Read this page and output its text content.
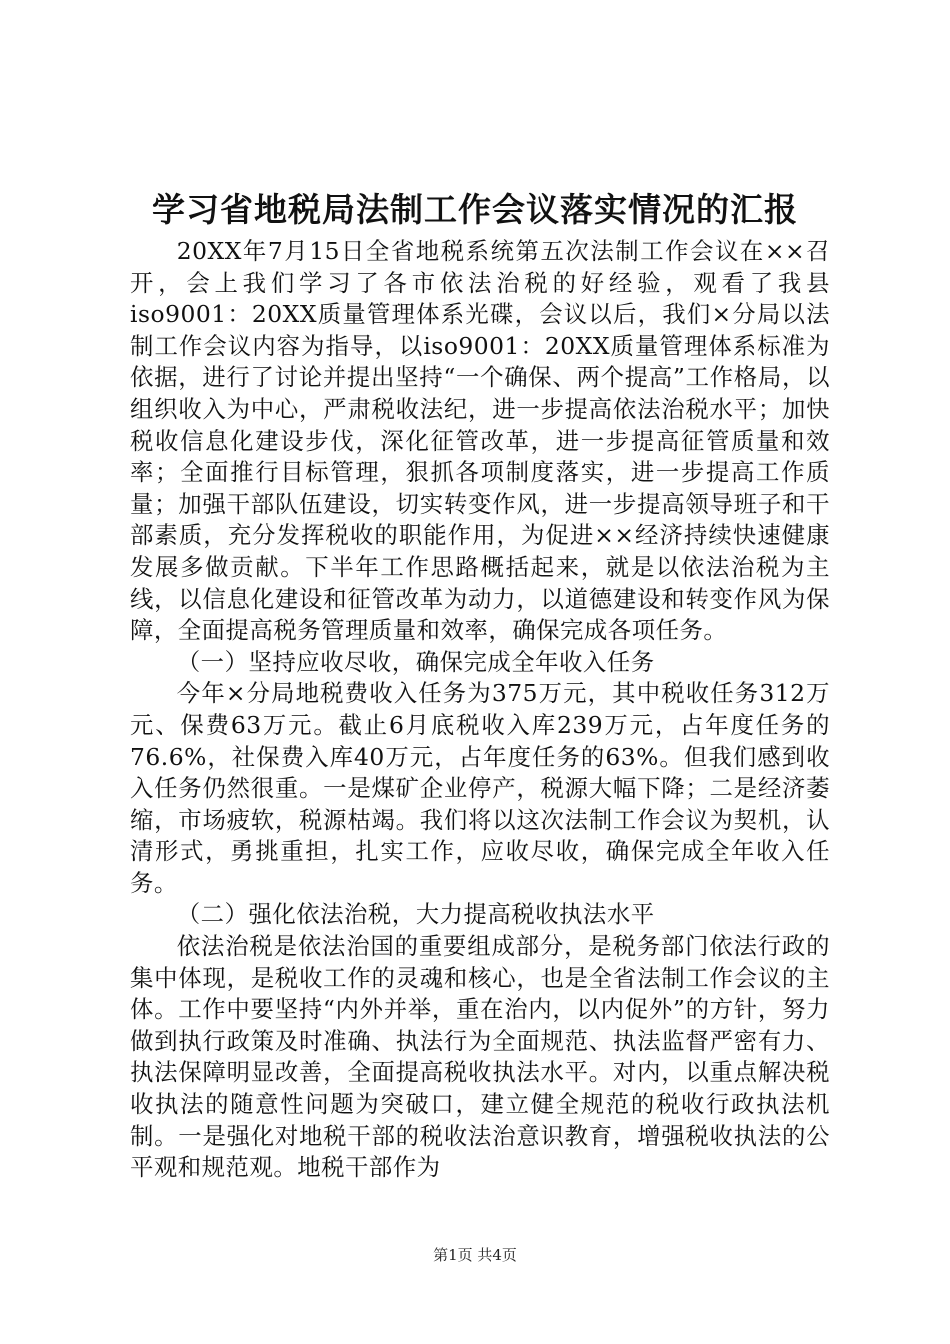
学习省地税局法制工作会议落实情况的汇报

20XX年7月15日全省地税系统第五次法制工作会议在××召开，会上我们学习了各市依法治税的好经验，观看了我县iso9001：20XX质量管理体系光碟，会议以后，我们×分局以法制工作会议内容为指导，以iso9001：20XX质量管理体系标准为依据，进行了讨论并提出坚持“一个确保、两个提高”工作格局，以组织收入为中心，严肃税收法纪，进一步提高依法治税水平；加快税收信息化建设步伐，深化征管改革，进一步提高征管质量和效率；全面推行目标管理，狠抓各项制度落实，进一步提高工作质量；加强干部队伍建设，切实转变作风，进一步提高领导班子和干部素质，充分发挥税收的职能作用，为促进××经济持续快速健康发展多做贡献。下半年工作思路概括起来，就是以依法治税为主线，以信息化建设和征管改革为动力，以道德建设和转变作风为保障，全面提高税务管理质量和效率，确保完成各项任务。

（一）坚持应收尽收，确保完成全年收入任务

今年×分局地税费收入任务为375万元，其中税收任务312万元、保费63万元。截止6月底税收入库239万元，占年度任务的76.6%，社保费入库40万元，占年度任务的63%。但我们感到收入任务仍然很重。一是煤矿企业停产，税源大幅下降；二是经济萎缩，市场疲软，税源枯竭。我们将以这次法制工作会议为契机，认清形式，勇挑重担，扎实工作，应收尽收，确保完成全年收入任务。

（二）强化依法治税，大力提高税收执法水平

依法治税是依法治国的重要组成部分，是税务部门依法行政的集中体现，是税收工作的灵魂和核心，也是全省法制工作会议的主体。工作中要坚持“内外并举，重在治内，以内促外”的方针，努力做到执行政策及时准确、执法行为全面规范、执法监督严密有力、执法保障明显改善，全面提高税收执法水平。对内，以重点解决税收执法的随意性问题为突破口，建立健全规范的税收行政执法机制。一是强化对地税干部的税收法治意识教育，增强税收执法的公平观和规范观。地税干部作为

第1页 共4页
